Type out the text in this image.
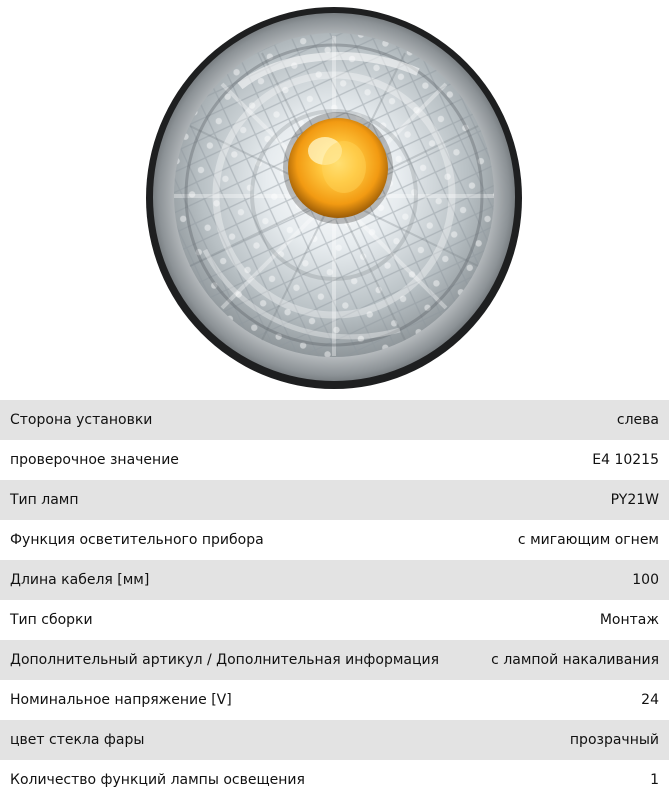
Сторона установки	слева
проверочное значение	E4 10215
Тип ламп	PY21W
Функция осветительного прибора	с мигающим огнем
Длина кабеля [мм]	100
Тип сборки	Монтаж
Дополнительный артикул / Дополнительная информация	с лампой накаливания
Номинальное напряжение [V]	24
цвет стекла фары	прозрачный
Количество функций лампы освещения	1
